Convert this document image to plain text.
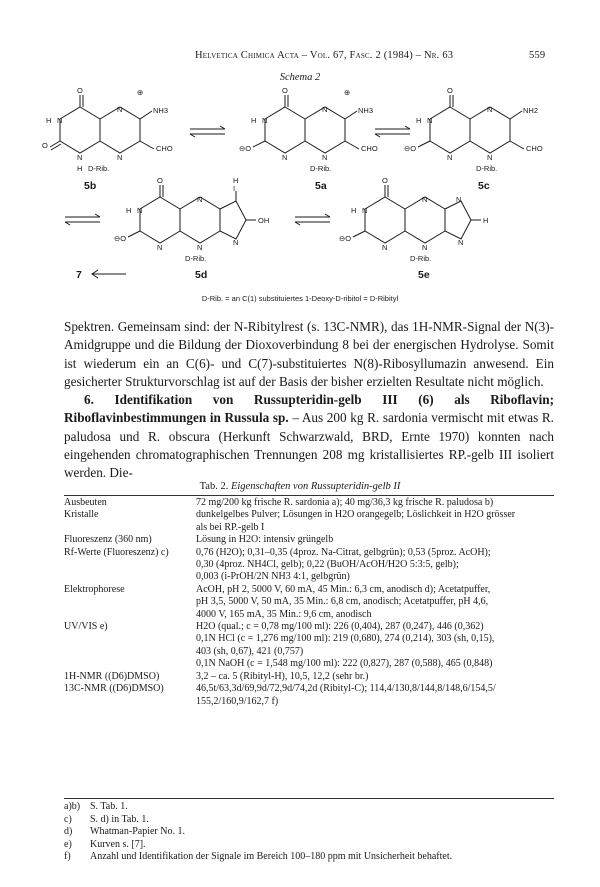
Helvetica Chimica Acta – Vol. 67, Fasc. 2 (1984) – Nr. 63	559
Schema 2
O	⊕
NH3
H N
N
O
N	N
CHO
H D-Rib.
O	⊕
NH3
H N
N
⊖O
N	N
CHO
D-Rib.
O
NH2
H N
N
⊖O
N	N
CHO
D-Rib.
O	H
I
H N
N
OH
⊖O
N	N
N
D-Rib.
O
H N
N	N
H
⊖O
N	N
N
D-Rib.
5b	5a	5c
5d	5e
7
D-Rib. = an C(1) substituiertes 1-Deoxy-D-ribitol = D-Ribityl

Spektren. Gemeinsam sind: der N-Ribitylrest (s. 13C-NMR), das 1H-NMR-Signal der N(3)-Amidgruppe und die Bildung der Dioxoverbindung 8 bei der energischen Hydrolyse. Somit ist wiederum ein an C(6)- und C(7)-substituiertes N(8)-Ribosyllumazin anwesend. Ein gesicherter Strukturvorschlag ist auf der Basis der bisher erzielten Resultate nicht möglich.

6. Identifikation von Russupteridin-gelb III (6) als Riboflavin; Riboflavinbestimmungen in Russula sp. – Aus 200 kg R. sardonia vermischt mit etwas R. paludosa und R. obscura (Herkunft Schwarzwald, BRD, Ernte 1970) konnten nach eingehenden chromatographischen Trennungen 208 mg kristallisiertes RP.-gelb III isoliert werden. Die-

Tab. 2. Eigenschaften von Russupteridin-gelb II
Ausbeuten	72 mg/200 kg frische R. sardonia a); 40 mg/36,3 kg frische R. paludosa b)

Kristalle	dunkelgelbes Pulver; Lösungen in H2O orangegelb; Löslichkeit in H2O grösser
als bei RP.-gelb I

Fluoreszenz (360 nm)	Lösung in H2O: intensiv grüngelb

Rf-Werte (Fluoreszenz) c)	0,76 (H2O); 0,31–0,35 (4proz. Na-Citrat, gelbgrün); 0,53 (5proz. AcOH);
0,30 (4proz. NH4Cl, gelb); 0,22 (BuOH/AcOH/H2O 5:3:5, gelb);
0,003 (i-PrOH/2N NH3 4:1, gelbgrün)

Elektrophorese	AcOH, pH 2, 5000 V, 60 mA, 45 Min.: 6,3 cm, anodisch d); Acetatpuffer,
pH 3,5, 5000 V, 50 mA, 35 Min.: 6,8 cm, anodisch; Acetatpuffer, pH 4,6,
4000 V, 165 mA, 35 Min.: 9,6 cm, anodisch

UV/VIS e)	H2O (qual.; c = 0,78 mg/100 ml): 226 (0,404), 287 (0,247), 446 (0,362)
0,1N HCl (c = 1,276 mg/100 ml): 219 (0,680), 274 (0,214), 303 (sh, 0,15),
403 (sh, 0,67), 421 (0,757)
0,1N NaOH (c = 1,548 mg/100 ml): 222 (0,827), 287 (0,588), 465 (0,848)

1H-NMR ((D6)DMSO)	3,2 – ca. 5 (Ribityl-H), 10,5, 12,2 (sehr br.)

13C-NMR ((D6)DMSO)	46,5t/63,3d/69,9d/72,9d/74,2d (Ribityl-C); 114,4/130,8/144,8/148,6/154,5/
155,2/160,9/162,7 f)
a)b) S. Tab. 1.
c) S. d) in Tab. 1.
d) Whatman-Papier No. 1.
e) Kurven s. [7].
f) Anzahl und Identifikation der Signale im Bereich 100–180 ppm mit Unsicherheit behaftet.
